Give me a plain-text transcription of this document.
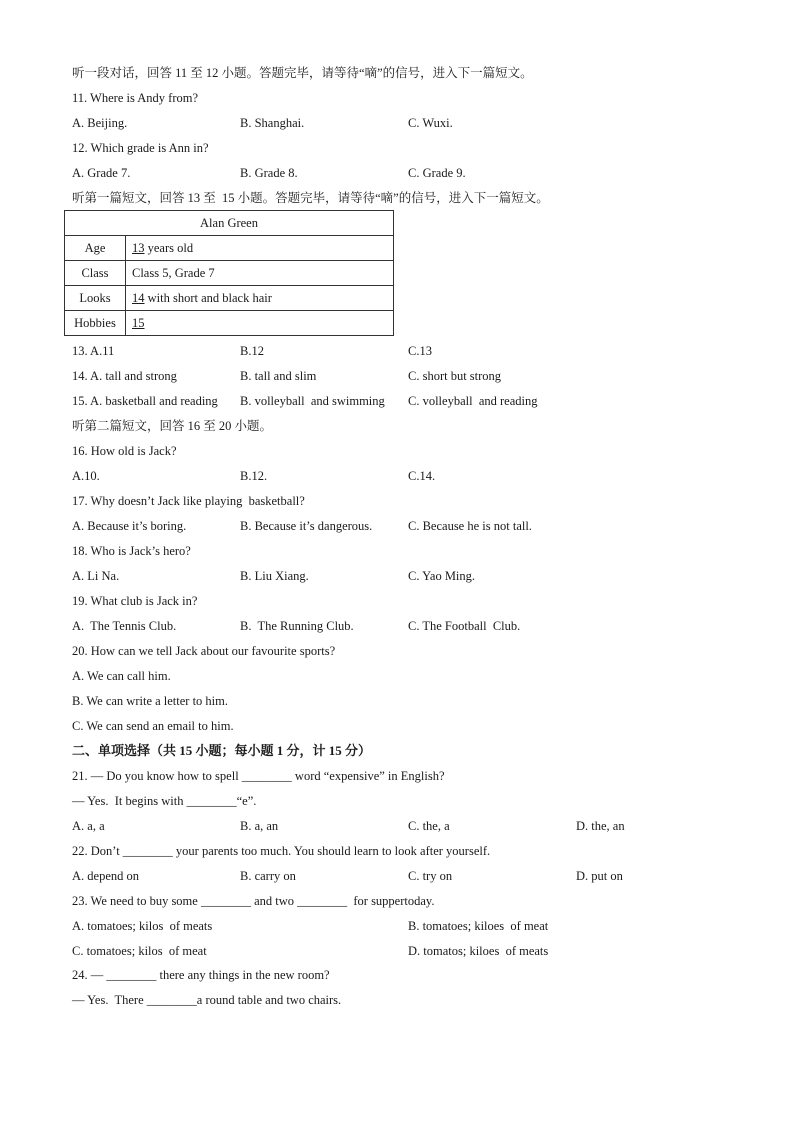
听一段对话，回答 11 至 12 小题。答题完毕，请等待“嘀”的信号，进入下一篇短文。
11. Where is Andy from?
A. Beijing.	B. Shanghai.	C. Wuxi.
12. Which grade is Ann in?
A. Grade 7.	B. Grade 8.	C. Grade 9.
听第一篇短文，回答 13 至  15 小题。答题完毕，请等待“嘀”的信号，进入下一篇短文。
Alan Green	
Age	13 years old
Class	Class 5, Grade 7
Looks	14 with short and black hair
Hobbies	15
13. A.11	B.12	C.13
14. A. tall and strong	B. tall and slim	C. short but strong
15. A. basketball and reading B. volleyball  and swimming C. volleyball  and reading
听第二篇短文，回答 16 至 20 小题。
16. How old is Jack?
A.10.	B.12.	C.14.
17. Why doesn’t Jack like playing  basketball?
A. Because it’s boring.	B. Because it’s dangerous.	C. Because he is not tall.
18. Who is Jack’s hero?
A. Li Na.	B. Liu Xiang.	C. Yao Ming.
19. What club is Jack in?
A.  The Tennis Club.	B.  The Running Club.	C. The Football  Club.
20. How can we tell Jack about our favourite sports?
A. We can call him.
B. We can write a letter to him.
C. We can send an email to him.
二、单项选择（共 15 小题；每小题 1 分，计 15 分）
21. — Do you know how to spell ________ word “expensive” in English?
— Yes.  It begins with ________“e”.
A. a, a	B. a, an	C. the, a	D. the, an
22. Don’t ________ your parents too much. You should learn to look after yourself.
A. depend on	B. carry on	C. try on	D. put on
23. We need to buy some ________ and two ________  for suppertoday.
A. tomatoes; kilos  of meats	B. tomatoes; kiloes  of meat
C. tomatoes; kilos  of meat	D. tomatos; kiloes  of meats
24. — ________ there any things in the new room?
— Yes.  There ________a round table and two chairs.
